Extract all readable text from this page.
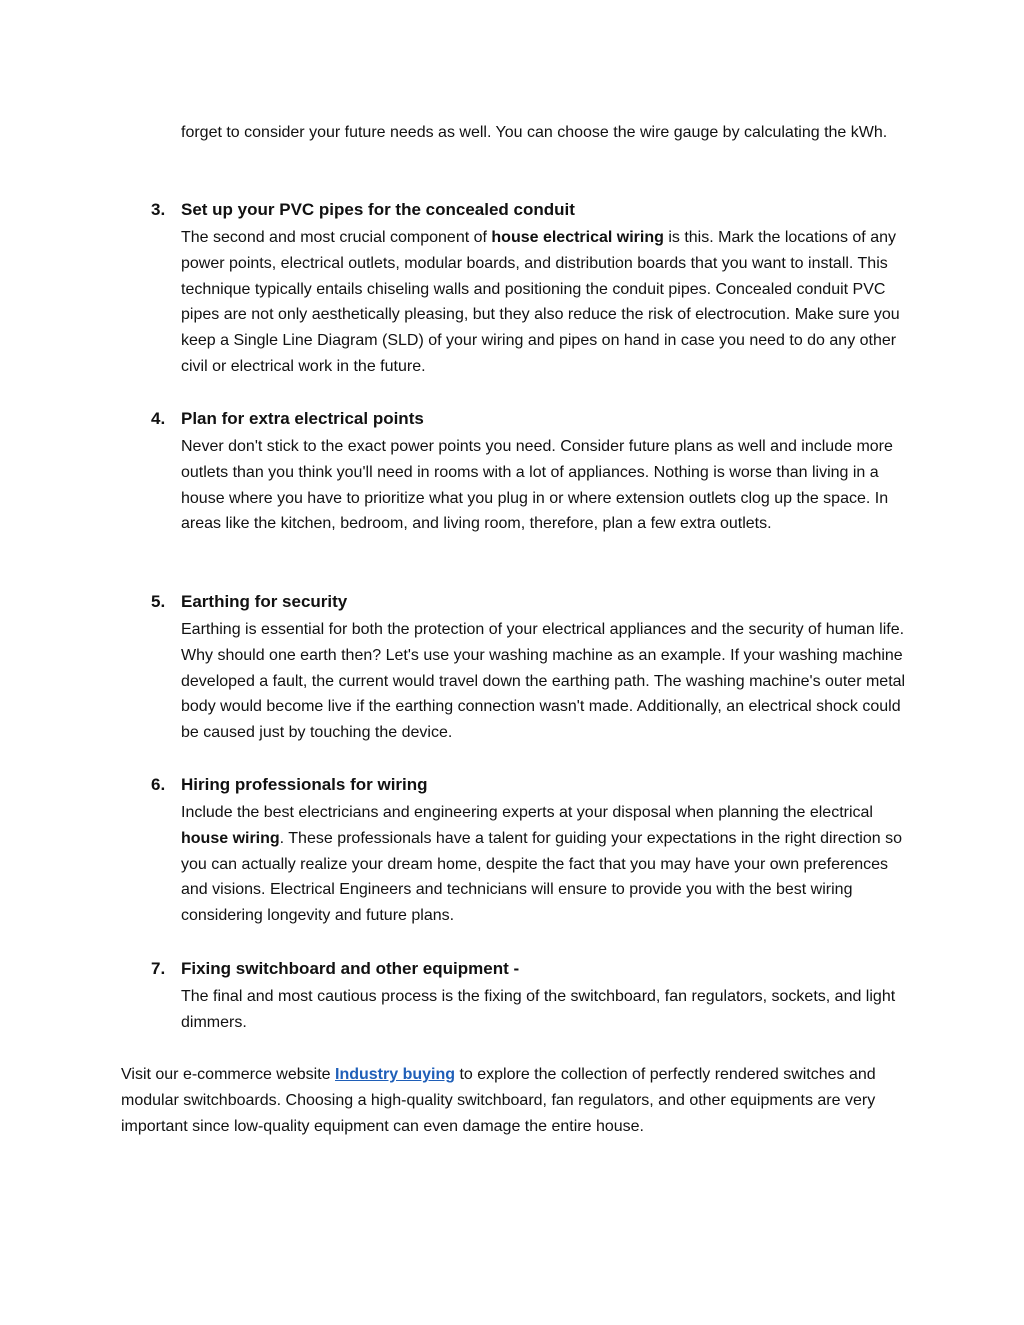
forget to consider your future needs as well. You can choose the wire gauge by calculating the kWh.

3. Set up your PVC pipes for the concealed conduit

The second and most crucial component of house electrical wiring is this. Mark the locations of any power points, electrical outlets, modular boards, and distribution boards that you want to install. This technique typically entails chiseling walls and positioning the conduit pipes. Concealed conduit PVC pipes are not only aesthetically pleasing, but they also reduce the risk of electrocution. Make sure you keep a Single Line Diagram (SLD) of your wiring and pipes on hand in case you need to do any other civil or electrical work in the future.

4. Plan for extra electrical points

Never don't stick to the exact power points you need. Consider future plans as well and include more outlets than you think you'll need in rooms with a lot of appliances. Nothing is worse than living in a house where you have to prioritize what you plug in or where extension outlets clog up the space. In areas like the kitchen, bedroom, and living room, therefore, plan a few extra outlets.

5. Earthing for security

Earthing is essential for both the protection of your electrical appliances and the security of human life. Why should one earth then? Let's use your washing machine as an example. If your washing machine developed a fault, the current would travel down the earthing path. The washing machine's outer metal body would become live if the earthing connection wasn't made. Additionally, an electrical shock could be caused just by touching the device.

6. Hiring professionals for wiring

Include the best electricians and engineering experts at your disposal when planning the electrical house wiring. These professionals have a talent for guiding your expectations in the right direction so you can actually realize your dream home, despite the fact that you may have your own preferences and visions. Electrical Engineers and technicians will ensure to provide you with the best wiring considering longevity and future plans.

7. Fixing switchboard and other equipment -

The final and most cautious process is the fixing of the switchboard, fan regulators, sockets, and light dimmers.

Visit our e-commerce website Industry buying to explore the collection of perfectly rendered switches and modular switchboards. Choosing a high-quality switchboard, fan regulators, and other equipments are very important since low-quality equipment can even damage the entire house.
